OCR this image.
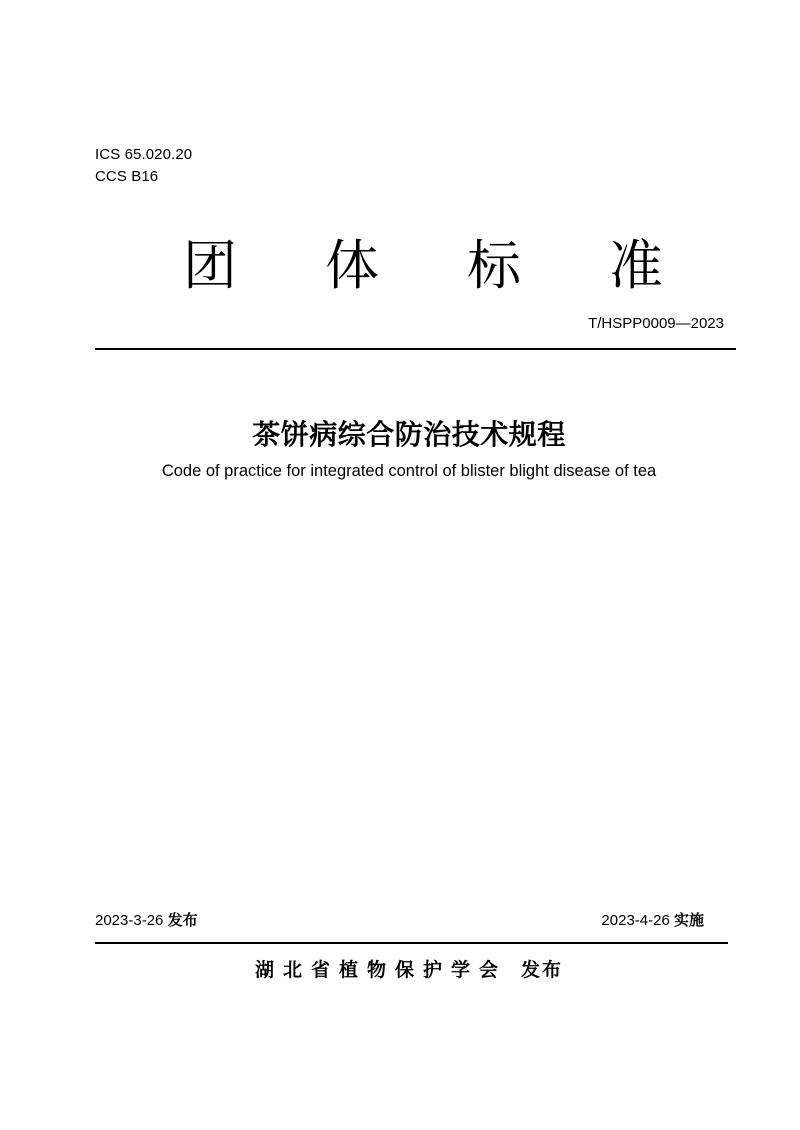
ICS 65.020.20
CCS B16
团 体 标 准
T/HSPP0009—2023
茶饼病综合防治技术规程
Code of practice for integrated control of blister blight disease of tea
2023-3-26 发布	2023-4-26 实施
湖北省植物保护学会 发布
